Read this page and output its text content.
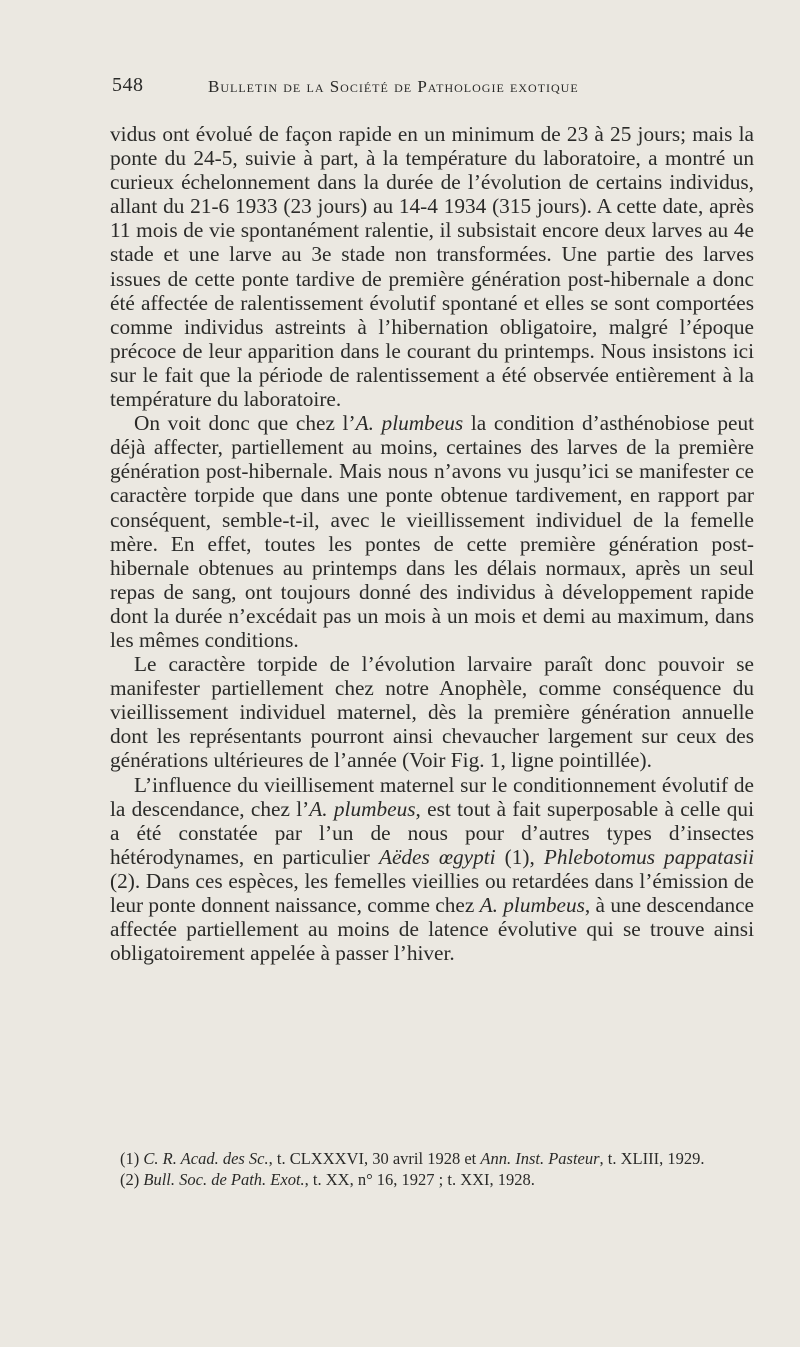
548	Bulletin de la Société de Pathologie exotique

vidus ont évolué de façon rapide en un minimum de 23 à 25 jours; mais la ponte du 24-5, suivie à part, à la température du laboratoire, a montré un curieux échelonnement dans la durée de l’évolution de certains individus, allant du 21-6 1933 (23 jours) au 14-4 1934 (315 jours). A cette date, après 11 mois de vie spontanément ralentie, il subsistait encore deux larves au 4e stade et une larve au 3e stade non transformées. Une partie des larves issues de cette ponte tardive de première génération post-hibernale a donc été affectée de ralentissement évolutif spontané et elles se sont comportées comme individus astreints à l’hibernation obligatoire, malgré l’époque précoce de leur apparition dans le courant du printemps. Nous insistons ici sur le fait que la période de ralentissement a été observée entièrement à la température du laboratoire.

On voit donc que chez l’A. plumbeus la condition d’asthénobiose peut déjà affecter, partiellement au moins, certaines des larves de la première génération post-hibernale. Mais nous n’avons vu jusqu’ici se manifester ce caractère torpide que dans une ponte obtenue tardivement, en rapport par conséquent, semble-t-il, avec le vieillissement individuel de la femelle mère. En effet, toutes les pontes de cette première génération post-hibernale obtenues au printemps dans les délais normaux, après un seul repas de sang, ont toujours donné des individus à développement rapide dont la durée n’excédait pas un mois à un mois et demi au maximum, dans les mêmes conditions.

Le caractère torpide de l’évolution larvaire paraît donc pouvoir se manifester partiellement chez notre Anophèle, comme conséquence du vieillissement individuel maternel, dès la première génération annuelle dont les représentants pourront ainsi chevaucher largement sur ceux des générations ultérieures de l’année (Voir Fig. 1, ligne pointillée).

L’influence du vieillisement maternel sur le conditionnement évolutif de la descendance, chez l’A. plumbeus, est tout à fait superposable à celle qui a été constatée par l’un de nous pour d’autres types d’insectes hétérodynames, en particulier Aëdes œgypti (1), Phlebotomus pappatasii (2). Dans ces espèces, les femelles vieillies ou retardées dans l’émission de leur ponte donnent naissance, comme chez A. plumbeus, à une descendance affectée partiellement au moins de latence évolutive qui se trouve ainsi obligatoirement appelée à passer l’hiver.

(1) C. R. Acad. des Sc., t. CLXXXVI, 30 avril 1928 et Ann. Inst. Pasteur, t. XLIII, 1929.

(2) Bull. Soc. de Path. Exot., t. XX, n° 16, 1927 ; t. XXI, 1928.
